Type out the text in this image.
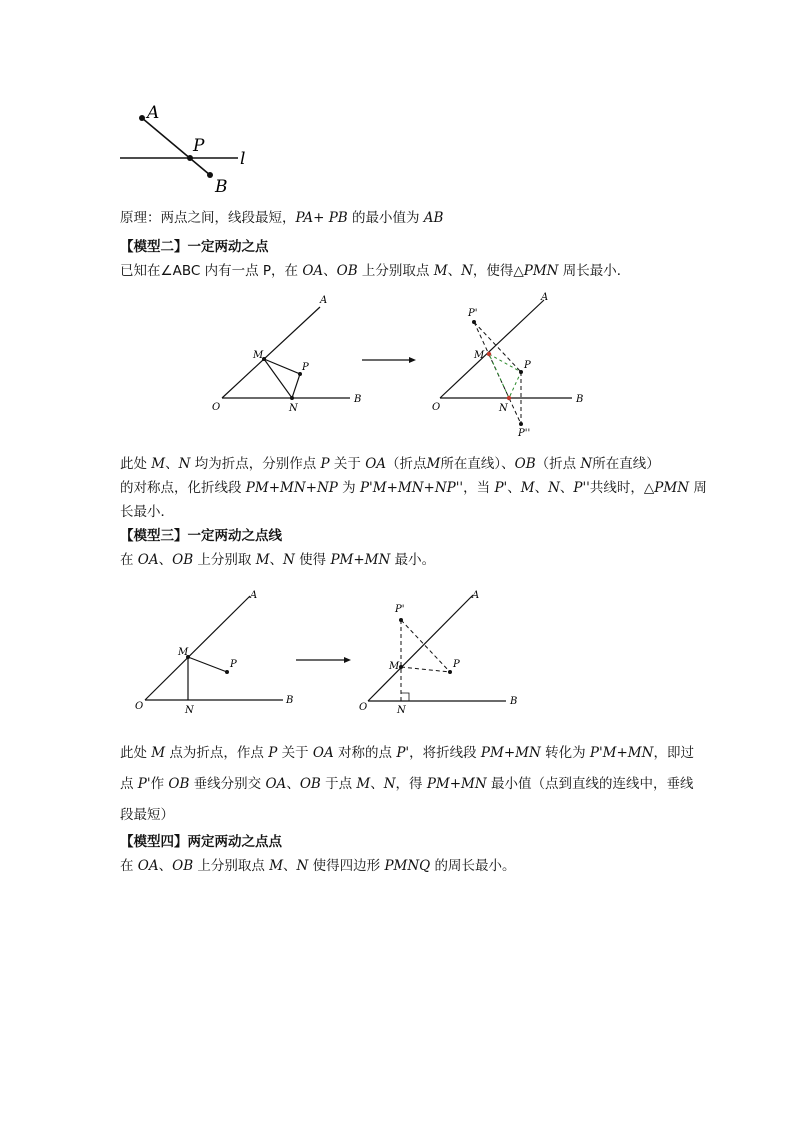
A
P
l
B
原理：两点之间，线段最短，PA+ PB 的最小值为 AB
【模型二】一定两动之点
已知在∠ABC 内有一点 P，在 OA、OB 上分别取点 M、N，使得△PMN 周长最小．
A
M
P
O	N
B
P'
A
M
P
O	N
B
P''
此处 M、N 均为折点，分别作点 P 关于 OA（折点M所在直线）、OB（折点 N所在直线）
的对称点，化折线段 PM+MN+NP 为 P'M+MN+NP''，当 P'、M、N、P''共线时，△PMN 周
长最小．
【模型三】一定两动之点线
在 OA、OB 上分别取 M、N 使得 PM+MN 最小。
A
M
P
O	N
B
P'
A
M	P
O	N
B
此处 M 点为折点，作点 P 关于 OA 对称的点 P'，将折线段 PM+MN 转化为 P'M+MN，即过
点 P'作 OB 垂线分别交 OA、OB 于点 M、N，得 PM+MN 最小值（点到直线的连线中，垂线
段最短）
【模型四】两定两动之点点
在 OA、OB 上分别取点 M、N 使得四边形 PMNQ 的周长最小。
